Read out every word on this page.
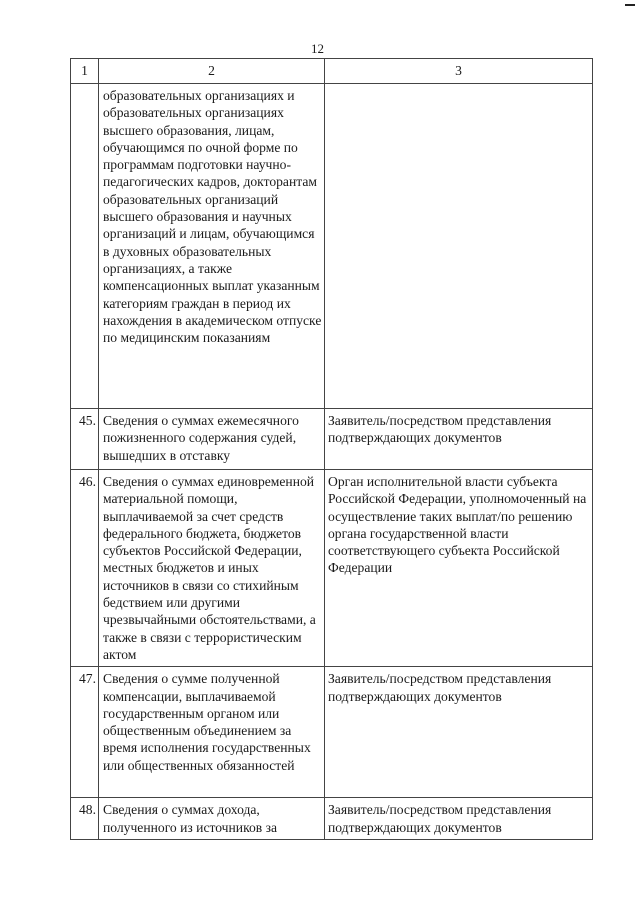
12
1	2	3
	образовательных организациях и образовательных организациях высшего образования, лицам, обучающимся по очной форме по программам подготовки научно-педагогических кадров, докторантам образовательных организаций высшего образования и научных организаций и лицам, обучающимся в духовных образовательных организациях, а также компенсационных выплат указанным категориям граждан в период их нахождения в академическом отпуске по медицинским показаниям	
45.	Сведения о суммах ежемесячного пожизненного содержания судей, вышедших в отставку	Заявитель/посредством представления подтверждающих документов
46.	Сведения о суммах единовременной материальной помощи, выплачиваемой за счет средств федерального бюджета, бюджетов субъектов Российской Федерации, местных бюджетов и иных источников в связи со стихийным бедствием или другими чрезвычайными обстоятельствами, а также в связи с террористическим актом	Орган исполнительной власти субъекта Российской Федерации, уполномоченный на осуществление таких выплат/по решению органа государственной власти соответствующего субъекта Российской Федерации
47.	Сведения о сумме полученной компенсации, выплачиваемой государственным органом или общественным объединением за время исполнения государственных или общественных обязанностей	Заявитель/посредством представления подтверждающих документов
48.	Сведения о суммах дохода, полученного из источников за	Заявитель/посредством представления подтверждающих документов
